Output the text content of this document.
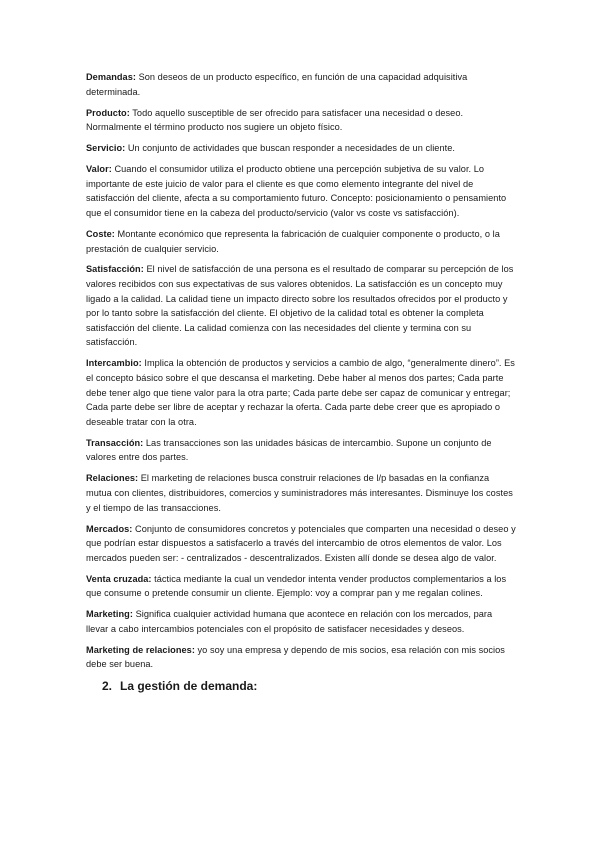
Demandas: Son deseos de un producto específico, en función de una capacidad adquisitiva determinada.
Producto: Todo aquello susceptible de ser ofrecido para satisfacer una necesidad o deseo. Normalmente el término producto nos sugiere un objeto físico.
Servicio: Un conjunto de actividades que buscan responder a necesidades de un cliente.
Valor: Cuando el consumidor utiliza el producto obtiene una percepción subjetiva de su valor. Lo importante de este juicio de valor para el cliente es que como elemento integrante del nivel de satisfacción del cliente, afecta a su comportamiento futuro. Concepto: posicionamiento o pensamiento que el consumidor tiene en la cabeza del producto/servicio (valor vs coste vs satisfacción).
Coste: Montante económico que representa la fabricación de cualquier componente o producto, o la prestación de cualquier servicio.
Satisfacción: El nivel de satisfacción de una persona es el resultado de comparar su percepción de los valores recibidos con sus expectativas de sus valores obtenidos. La satisfacción es un concepto muy ligado a la calidad. La calidad tiene un impacto directo sobre los resultados ofrecidos por el producto y por lo tanto sobre la satisfacción del cliente. El objetivo de la calidad total es obtener la completa satisfacción del cliente. La calidad comienza con las necesidades del cliente y termina con su satisfacción.
Intercambio: Implica la obtención de productos y servicios a cambio de algo, “generalmente dinero”. Es el concepto básico sobre el que descansa el marketing. Debe haber al menos dos partes; Cada parte debe tener algo que tiene valor para la otra parte; Cada parte debe ser capaz de comunicar y entregar; Cada parte debe ser libre de aceptar y rechazar la oferta. Cada parte debe creer que es apropiado o deseable tratar con la otra.
Transacción: Las transacciones son las unidades básicas de intercambio. Supone un conjunto de valores entre dos partes.
Relaciones: El marketing de relaciones busca construir relaciones de l/p basadas en la confianza mutua con clientes, distribuidores, comercios y suministradores más interesantes. Disminuye los costes y el tiempo de las transacciones.
Mercados: Conjunto de consumidores concretos y potenciales que comparten una necesidad o deseo y que podrían estar dispuestos a satisfacerlo a través del intercambio de otros elementos de valor. Los mercados pueden ser: - centralizados - descentralizados. Existen allí donde se desea algo de valor.
Venta cruzada: táctica mediante la cual un vendedor intenta vender productos complementarios a los que consume o pretende consumir un cliente. Ejemplo: voy a comprar pan y me regalan colines.
Marketing: Significa cualquier actividad humana que acontece en relación con los mercados, para llevar a cabo intercambios potenciales con el propósito de satisfacer necesidades y deseos.
Marketing de relaciones: yo soy una empresa y dependo de mis socios, esa relación con mis socios debe ser buena.
2. La gestión de demanda:
